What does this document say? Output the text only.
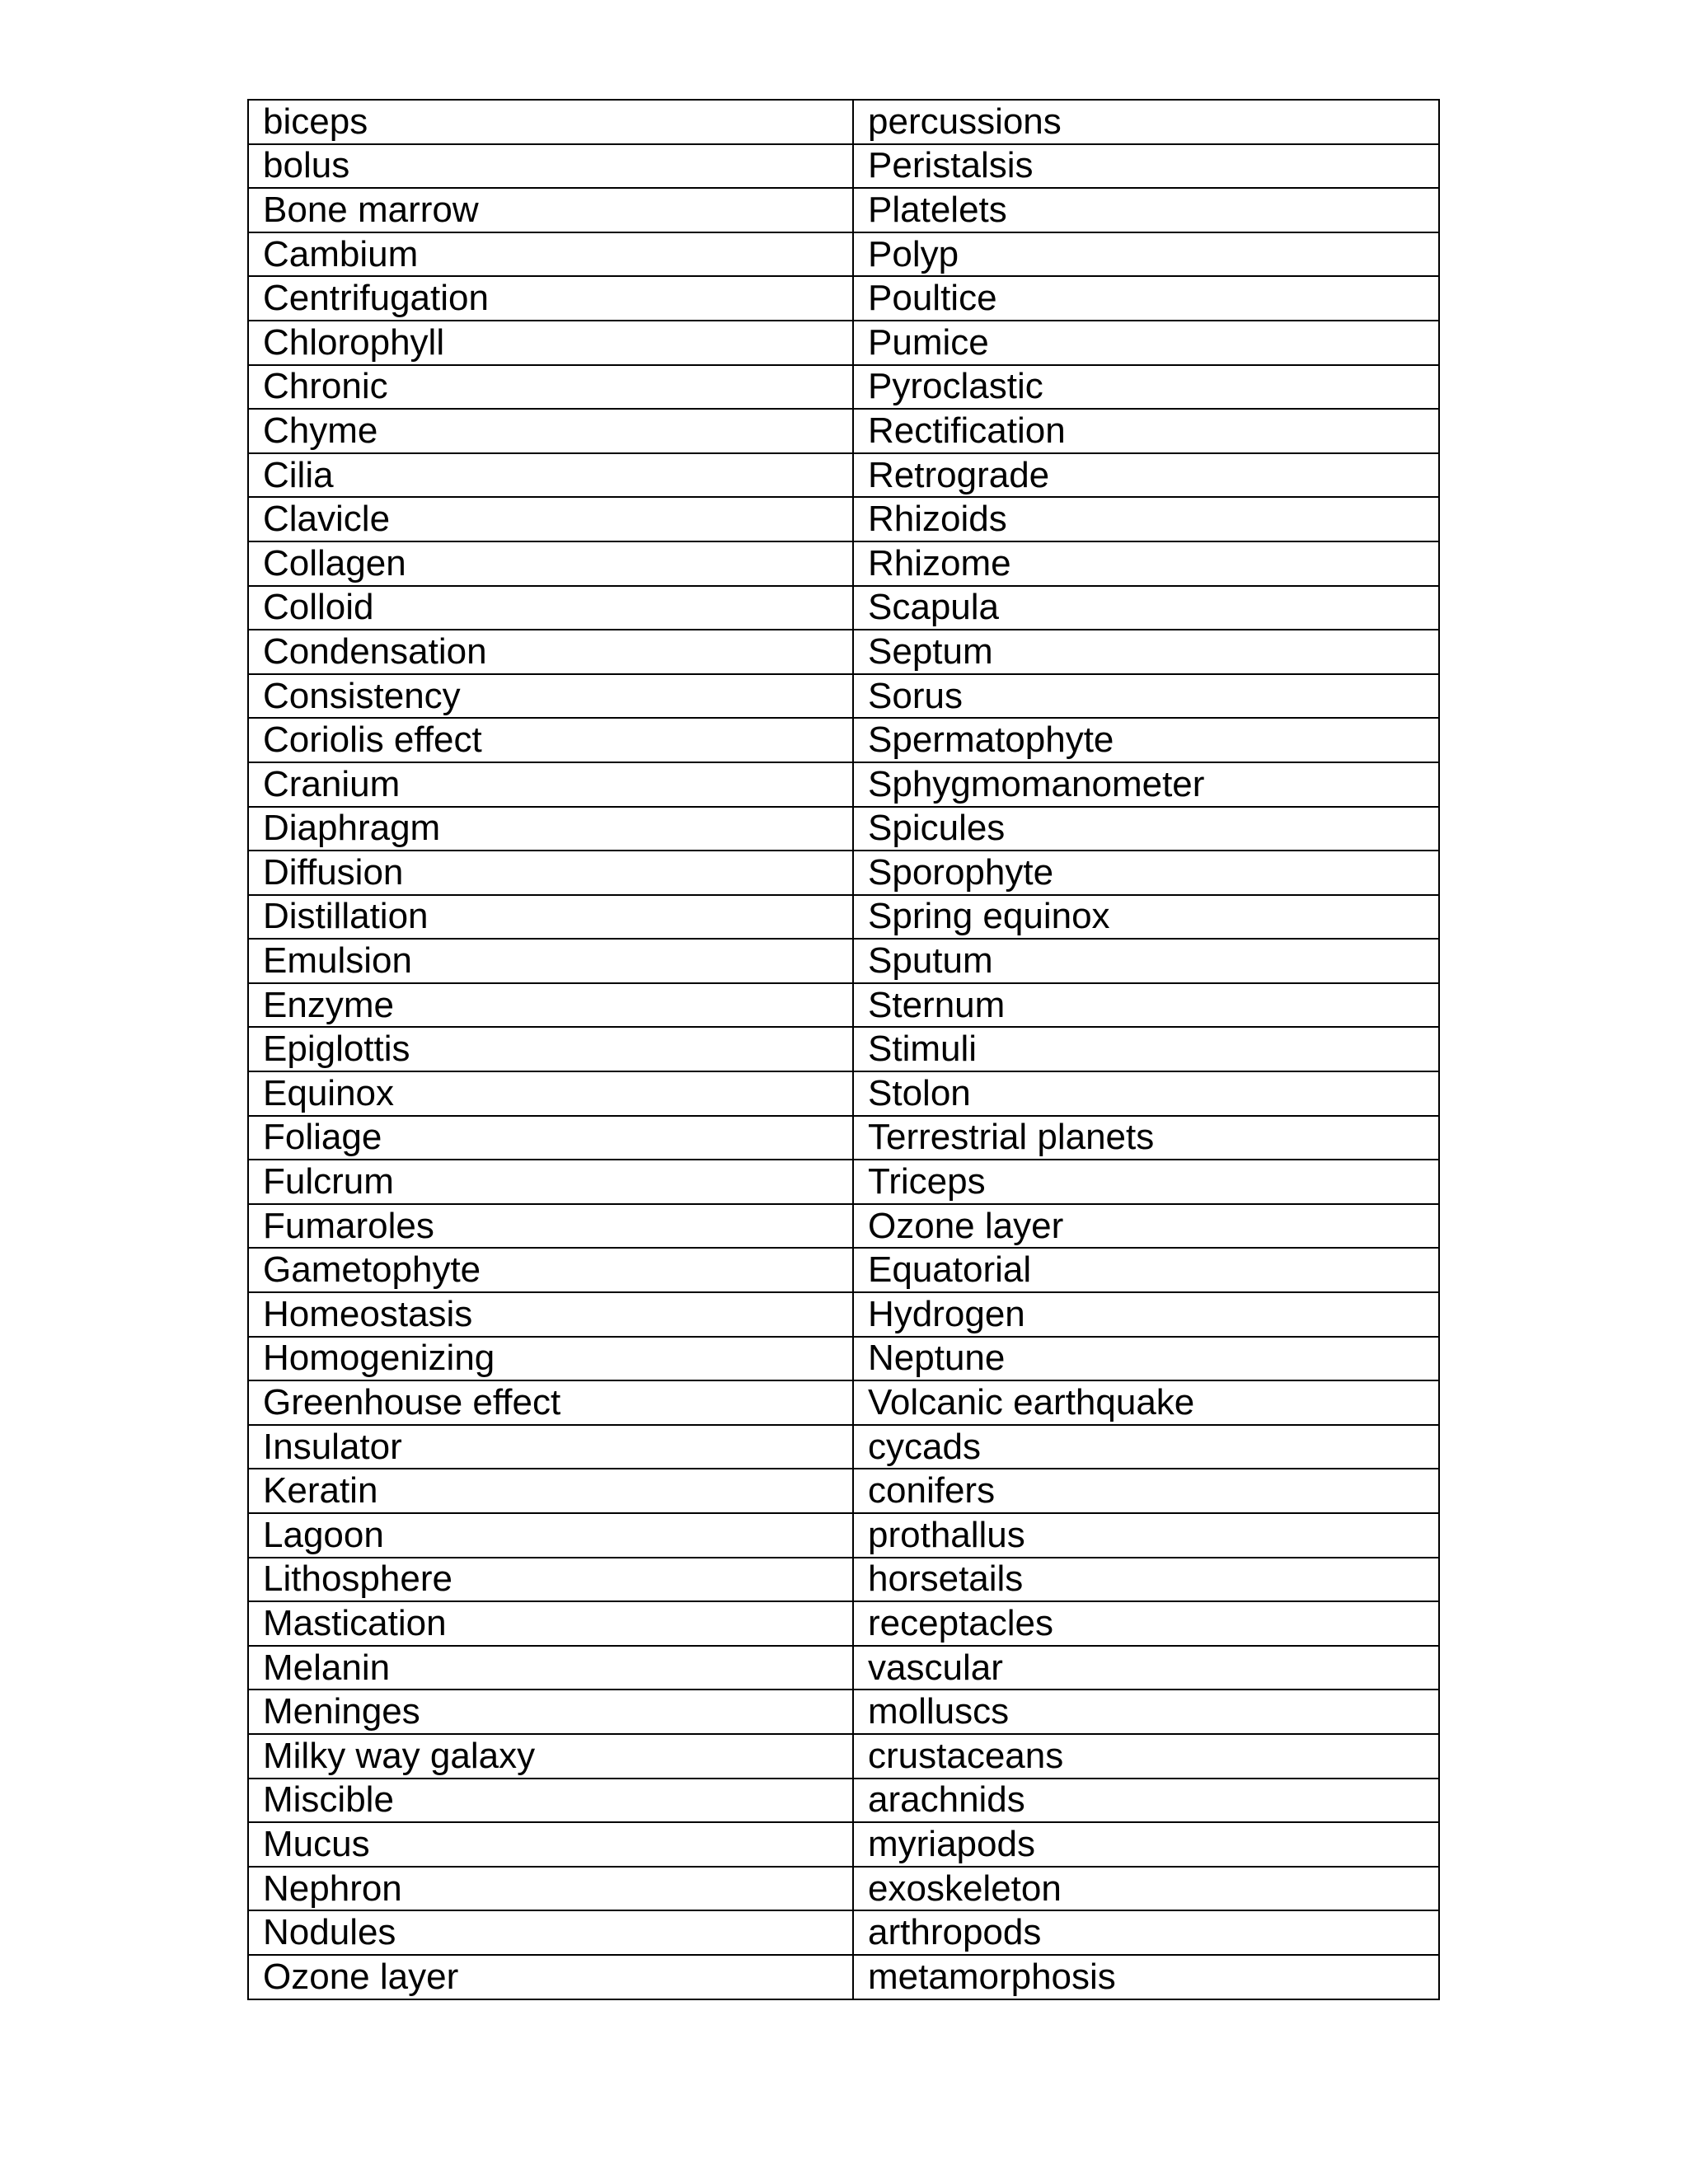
biceps	percussions
bolus	Peristalsis
Bone marrow	Platelets
Cambium	Polyp
Centrifugation	Poultice
Chlorophyll	Pumice
Chronic	Pyroclastic
Chyme	Rectification
Cilia	Retrograde
Clavicle	Rhizoids
Collagen	Rhizome
Colloid	Scapula
Condensation	Septum
Consistency	Sorus
Coriolis effect	Spermatophyte
Cranium	Sphygmomanometer
Diaphragm	Spicules
Diffusion	Sporophyte
Distillation	Spring equinox
Emulsion	Sputum
Enzyme	Sternum
Epiglottis	Stimuli
Equinox	Stolon
Foliage	Terrestrial planets
Fulcrum	Triceps
Fumaroles	Ozone layer
Gametophyte	Equatorial
Homeostasis	Hydrogen
Homogenizing	Neptune
Greenhouse effect	Volcanic earthquake
Insulator	cycads
Keratin	conifers
Lagoon	prothallus
Lithosphere	horsetails
Mastication	receptacles
Melanin	vascular
Meninges	molluscs
Milky way galaxy	crustaceans
Miscible	arachnids
Mucus	myriapods
Nephron	exoskeleton
Nodules	arthropods
Ozone layer	metamorphosis
